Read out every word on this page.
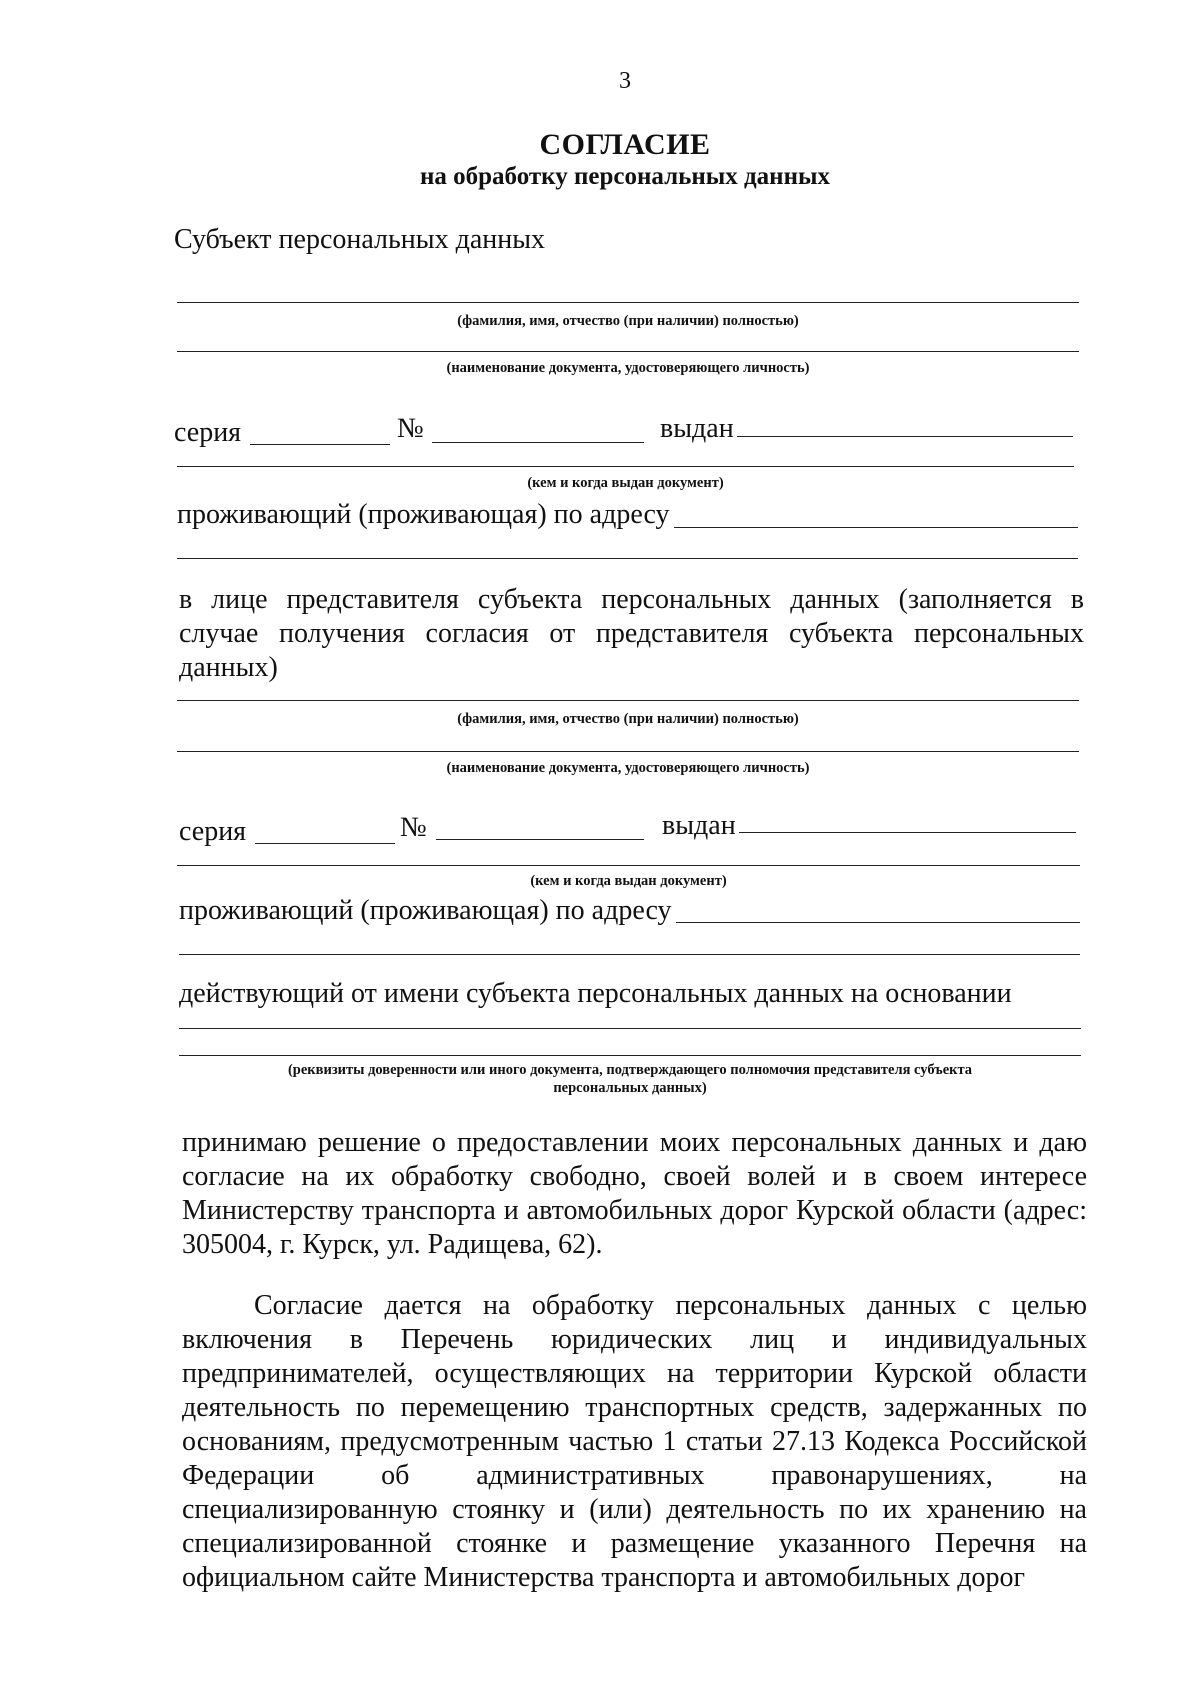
3
СОГЛАСИЕ
на обработку персональных данных
Субъект персональных данных
(фамилия, имя, отчество (при наличии) полностью)
(наименование документа, удостоверяющего личность)
серия	№	выдан
(кем и когда выдан документ)
проживающий (проживающая) по адресу
в лице представителя субъекта персональных данных (заполняется в случае получения согласия от представителя субъекта персональных данных)
(фамилия, имя, отчество (при наличии) полностью)
(наименование документа, удостоверяющего личность)
серия	№	выдан
(кем и когда выдан документ)
проживающий (проживающая) по адресу
действующий от имени субъекта персональных данных на основании
(реквизиты доверенности или иного документа, подтверждающего полномочия представителя субъекта
персональных данных)
принимаю решение о предоставлении моих персональных данных и даю согласие на их обработку свободно, своей волей и в своем интересе Министерству транспорта и автомобильных дорог Курской области (адрес: 305004, г. Курск, ул. Радищева, 62).
Согласие дается на обработку персональных данных с целью включения в Перечень юридических лиц и индивидуальных предпринимателей, осуществляющих на территории Курской области деятельность по перемещению транспортных средств, задержанных по основаниям, предусмотренным частью 1 статьи 27.13 Кодекса Российской Федерации об административных правонарушениях, на специализированную стоянку и (или) деятельность по их хранению на специализированной стоянке и размещение указанного Перечня на официальном сайте Министерства транспорта и автомобильных дорог
